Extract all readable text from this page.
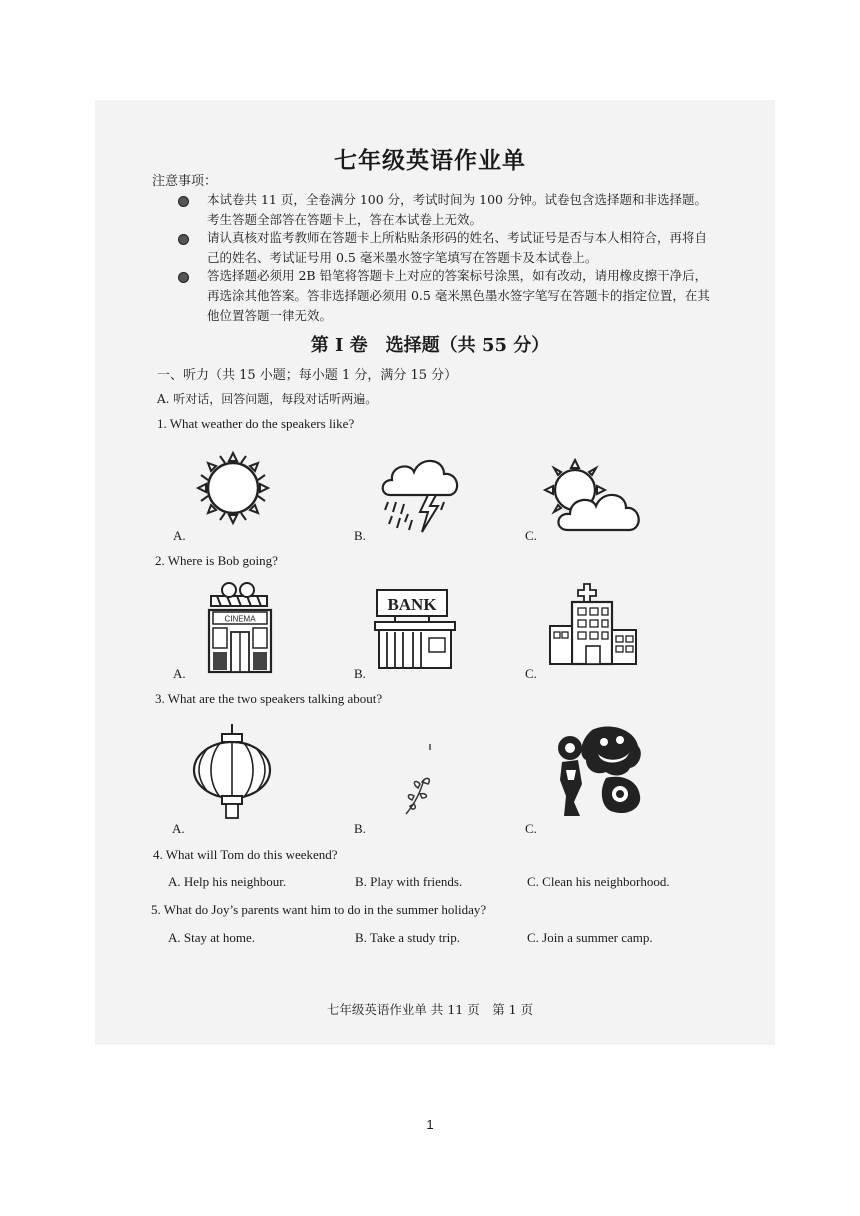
七年级英语作业单
注意事项：
本试卷共 11 页，全卷满分 100 分，考试时间为 100 分钟。试卷包含选择题和非选择题。考生答题全部答在答题卡上，答在本试卷上无效。
请认真核对监考教师在答题卡上所粘贴条形码的姓名、考试证号是否与本人相符合，再将自己的姓名、考试证号用 0.5 毫米墨水签字笔填写在答题卡及本试卷上。
答选择题必须用 2B 铅笔将答题卡上对应的答案标号涂黑，如有改动，请用橡皮擦干净后，再选涂其他答案。答非选择题必须用 0.5 毫米黑色墨水签字笔写在答题卡的指定位置，在其他位置答题一律无效。
第 I 卷　选择题（共 55 分）
一、听力（共 15 小题；每小题 1 分，满分 15 分）
A. 听对话，回答问题，每段对话听两遍。
1. What weather do the speakers like?
A.	B.	C.
2. Where is Bob going?
CINEMA
A.
BANK
B.	C.
3. What are the two speakers talking about?
A.	B.	C.
4. What will Tom do this weekend?
A. Help his neighbour.	B. Play with friends.	C. Clean his neighborhood.
5. What do Joy’s parents want him to do in the summer holiday?
A. Stay at home.	B. Take a study trip.	C. Join a summer camp.
七年级英语作业单 共 11 页　第 1 页
1
